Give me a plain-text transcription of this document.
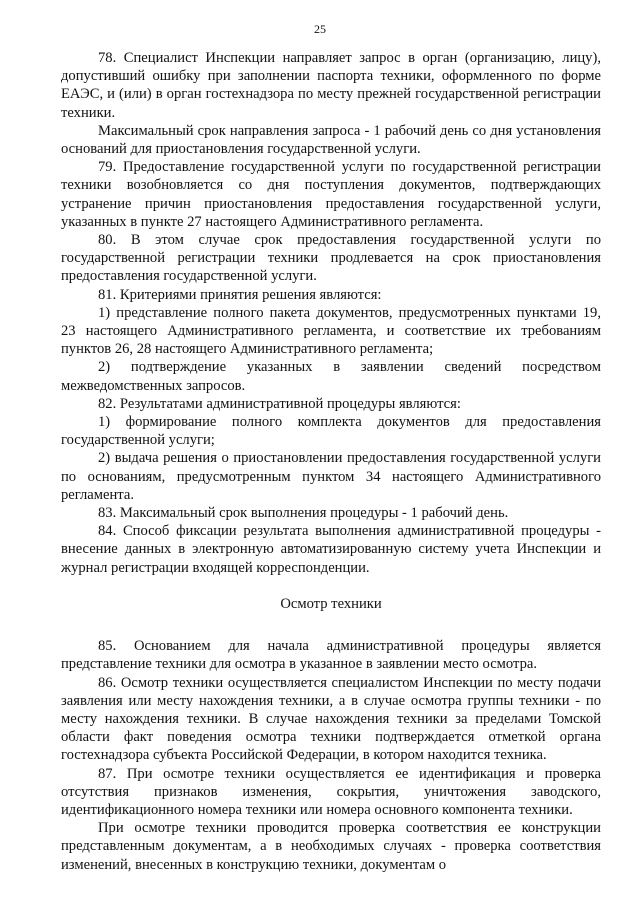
25

78. Специалист Инспекции направляет запрос в орган (организацию, лицу), допустивший ошибку при заполнении паспорта техники, оформленного по форме ЕАЭС, и (или) в орган гостехнадзора по месту прежней государственной регистрации техники.

Максимальный срок направления запроса - 1 рабочий день со дня установления оснований для приостановления государственной услуги.

79. Предоставление государственной услуги по государственной регистрации техники возобновляется со дня поступления документов, подтверждающих устранение причин приостановления предоставления государственной услуги, указанных в пункте 27 настоящего Административного регламента.

80. В этом случае срок предоставления государственной услуги по государственной регистрации техники продлевается на срок приостановления предоставления государственной услуги.

81. Критериями принятия решения являются:

1) представление полного пакета документов, предусмотренных пунктами 19, 23 настоящего Административного регламента, и соответствие их требованиям пунктов 26, 28 настоящего Административного регламента;

2) подтверждение указанных в заявлении сведений посредством межведомственных запросов.

82. Результатами административной процедуры являются:

1) формирование полного комплекта документов для предоставления государственной услуги;

2) выдача решения о приостановлении предоставления государственной услуги по основаниям, предусмотренным пунктом 34 настоящего Административного регламента.

83. Максимальный срок выполнения процедуры - 1 рабочий день.

84. Способ фиксации результата выполнения административной процедуры - внесение данных в электронную автоматизированную систему учета Инспекции и журнал регистрации входящей корреспонденции.

Осмотр техники

85. Основанием для начала административной процедуры является представление техники для осмотра в указанное в заявлении место осмотра.

86. Осмотр техники осуществляется специалистом Инспекции по месту подачи заявления или месту нахождения техники, а в случае осмотра группы техники - по месту нахождения техники. В случае нахождения техники за пределами Томской области факт поведения осмотра техники подтверждается отметкой органа гостехнадзора субъекта Российской Федерации, в котором находится техника.

87. При осмотре техники осуществляется ее идентификация и проверка отсутствия признаков изменения, сокрытия, уничтожения заводского, идентификационного номера техники или номера основного компонента техники.

При осмотре техники проводится проверка соответствия ее конструкции представленным документам, а в необходимых случаях - проверка соответствия изменений, внесенных в конструкцию техники, документам о
